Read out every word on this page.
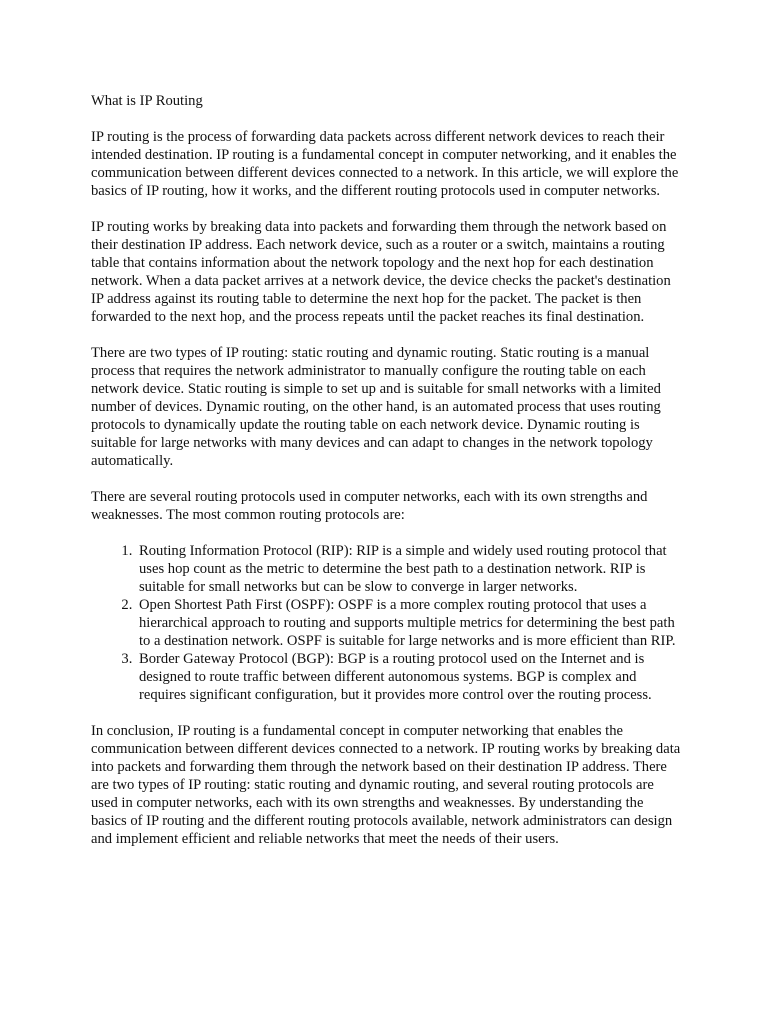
What is IP Routing

IP routing is the process of forwarding data packets across different network devices to reach their intended destination. IP routing is a fundamental concept in computer networking, and it enables the communication between different devices connected to a network. In this article, we will explore the basics of IP routing, how it works, and the different routing protocols used in computer networks.

IP routing works by breaking data into packets and forwarding them through the network based on their destination IP address. Each network device, such as a router or a switch, maintains a routing table that contains information about the network topology and the next hop for each destination network. When a data packet arrives at a network device, the device checks the packet's destination IP address against its routing table to determine the next hop for the packet. The packet is then forwarded to the next hop, and the process repeats until the packet reaches its final destination.

There are two types of IP routing: static routing and dynamic routing. Static routing is a manual process that requires the network administrator to manually configure the routing table on each network device. Static routing is simple to set up and is suitable for small networks with a limited number of devices. Dynamic routing, on the other hand, is an automated process that uses routing protocols to dynamically update the routing table on each network device. Dynamic routing is suitable for large networks with many devices and can adapt to changes in the network topology automatically.

There are several routing protocols used in computer networks, each with its own strengths and weaknesses. The most common routing protocols are:

1. Routing Information Protocol (RIP): RIP is a simple and widely used routing protocol that uses hop count as the metric to determine the best path to a destination network. RIP is suitable for small networks but can be slow to converge in larger networks.
2. Open Shortest Path First (OSPF): OSPF is a more complex routing protocol that uses a hierarchical approach to routing and supports multiple metrics for determining the best path to a destination network. OSPF is suitable for large networks and is more efficient than RIP.
3. Border Gateway Protocol (BGP): BGP is a routing protocol used on the Internet and is designed to route traffic between different autonomous systems. BGP is complex and requires significant configuration, but it provides more control over the routing process.

In conclusion, IP routing is a fundamental concept in computer networking that enables the communication between different devices connected to a network. IP routing works by breaking data into packets and forwarding them through the network based on their destination IP address. There are two types of IP routing: static routing and dynamic routing, and several routing protocols are used in computer networks, each with its own strengths and weaknesses. By understanding the basics of IP routing and the different routing protocols available, network administrators can design and implement efficient and reliable networks that meet the needs of their users.
